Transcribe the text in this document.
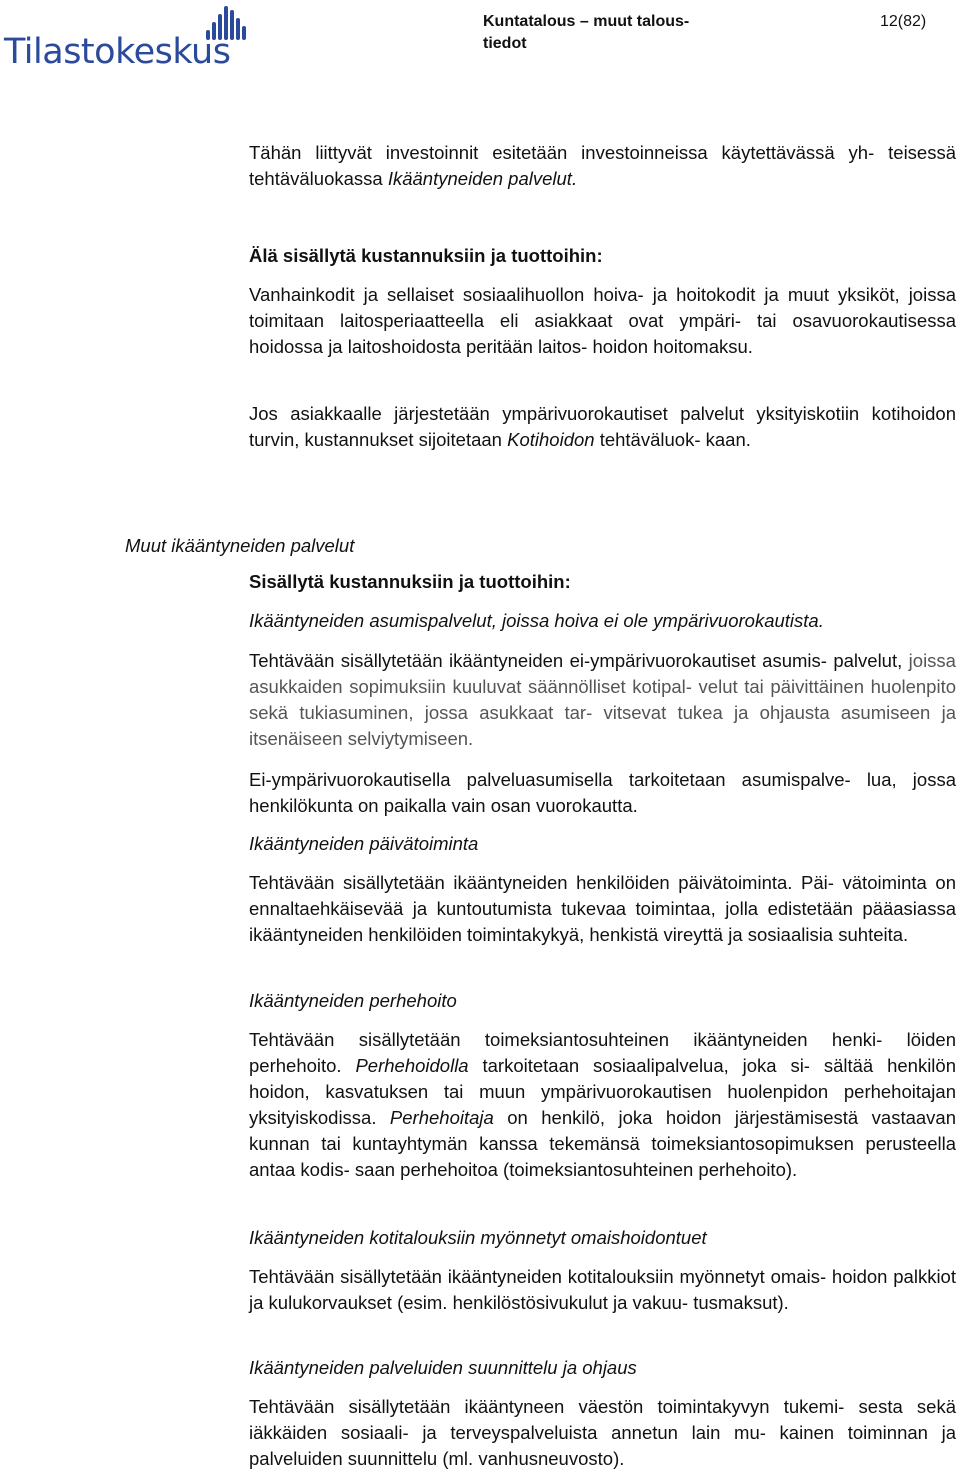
Tilastokeskus
Kuntatalous – muut talous-
tiedot
12(82)

Tähän liittyvät investoinnit esitetään investoinneissa käytettävässä yh- teisessä tehtäväluokassa Ikääntyneiden palvelut.

Älä sisällytä kustannuksiin ja tuottoihin:

Vanhainkodit ja sellaiset sosiaalihuollon hoiva- ja hoitokodit ja muut yksiköt, joissa toimitaan laitosperiaatteella eli asiakkaat ovat ympäri- tai osavuorokautisessa hoidossa ja laitoshoidosta peritään laitos- hoidon hoitomaksu.

Jos asiakkaalle järjestetään ympärivuorokautiset palvelut yksityiskotiin kotihoidon turvin, kustannukset sijoitetaan Kotihoidon tehtäväluok- kaan.

Muut ikääntyneiden palvelut

Sisällytä kustannuksiin ja tuottoihin:

Ikääntyneiden asumispalvelut, joissa hoiva ei ole ympärivuorokautista.

Tehtävään sisällytetään ikääntyneiden ei-ympärivuorokautiset asumis- palvelut, joissa asukkaiden sopimuksiin kuuluvat säännölliset kotipal- velut tai päivittäinen huolenpito sekä tukiasuminen, jossa asukkaat tar- vitsevat tukea ja ohjausta asumiseen ja itsenäiseen selviytymiseen.

Ei-ympärivuorokautisella palveluasumisella tarkoitetaan asumispalve- lua, jossa henkilökunta on paikalla vain osan vuorokautta.

Ikääntyneiden päivätoiminta

Tehtävään sisällytetään ikääntyneiden henkilöiden päivätoiminta. Päi- vätoiminta on ennaltaehkäisevää ja kuntoutumista tukevaa toimintaa, jolla edistetään pääasiassa ikääntyneiden henkilöiden toimintakykyä, henkistä vireyttä ja sosiaalisia suhteita.

Ikääntyneiden perhehoito

Tehtävään sisällytetään toimeksiantosuhteinen ikääntyneiden henki- löiden perhehoito. Perhehoidolla tarkoitetaan sosiaalipalvelua, joka si- sältää henkilön hoidon, kasvatuksen tai muun ympärivuorokautisen huolenpidon perhehoitajan yksityiskodissa. Perhehoitaja on henkilö, joka hoidon järjestämisestä vastaavan kunnan tai kuntayhtymän kanssa tekemänsä toimeksiantosopimuksen perusteella antaa kodis- saan perhehoitoa (toimeksiantosuhteinen perhehoito).

Ikääntyneiden kotitalouksiin myönnetyt omaishoidontuet

Tehtävään sisällytetään ikääntyneiden kotitalouksiin myönnetyt omais- hoidon palkkiot ja kulukorvaukset (esim. henkilöstösivukulut ja vakuu- tusmaksut).

Ikääntyneiden palveluiden suunnittelu ja ohjaus

Tehtävään sisällytetään ikääntyneen väestön toimintakyvyn tukemi- sesta sekä iäkkäiden sosiaali- ja terveyspalveluista annetun lain mu- kainen toiminnan ja palveluiden suunnittelu (ml. vanhusneuvosto).
